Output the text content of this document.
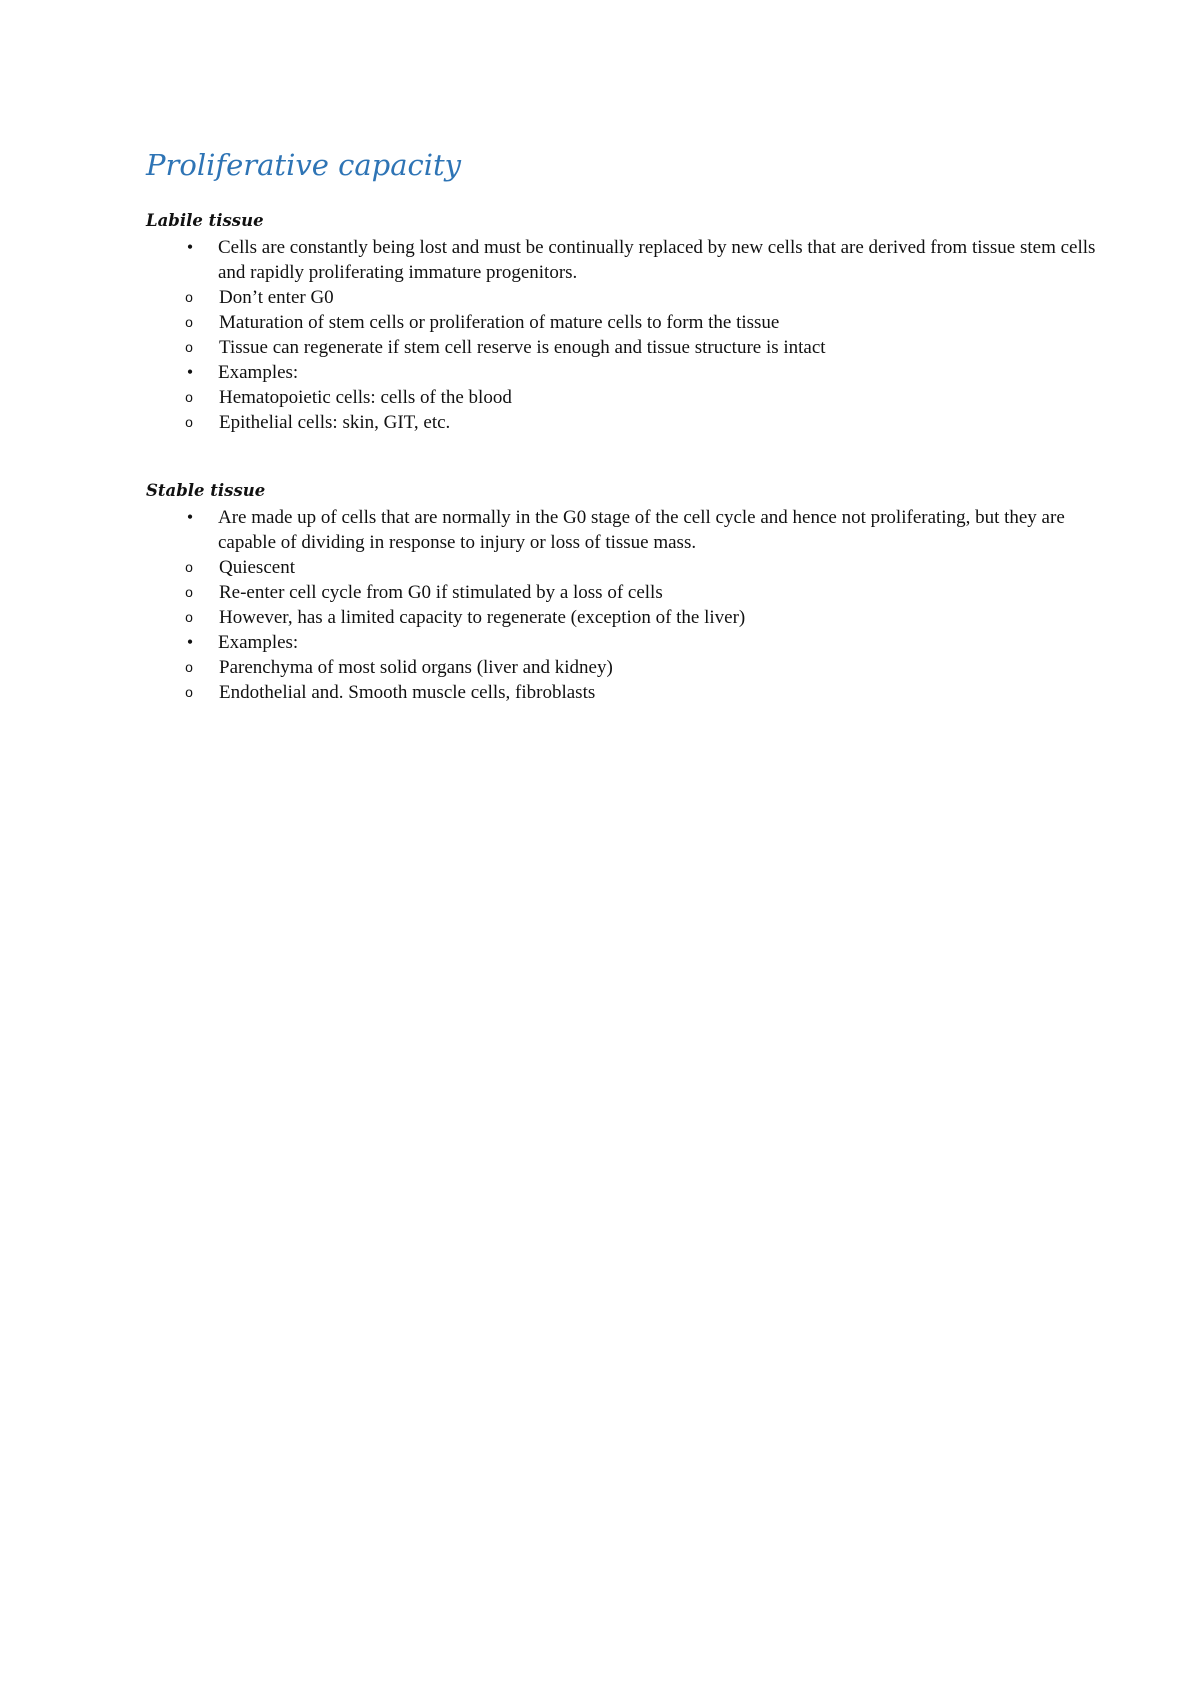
Proliferative capacity
Labile tissue
• Cells are constantly being lost and must be continually replaced by new cells that are derived from tissue stem cells and rapidly proliferating immature progenitors.
o Don’t enter G0
o Maturation of stem cells or proliferation of mature cells to form the tissue
o Tissue can regenerate if stem cell reserve is enough and tissue structure is intact
• Examples:
o Hematopoietic cells: cells of the blood
o Epithelial cells: skin, GIT, etc.
Stable tissue
• Are made up of cells that are normally in the G0 stage of the cell cycle and hence not proliferating, but they are capable of dividing in response to injury or loss of tissue mass.
o Quiescent
o Re-enter cell cycle from G0 if stimulated by a loss of cells
o However, has a limited capacity to regenerate (exception of the liver)
• Examples:
o Parenchyma of most solid organs (liver and kidney)
o Endothelial and. Smooth muscle cells, fibroblasts
